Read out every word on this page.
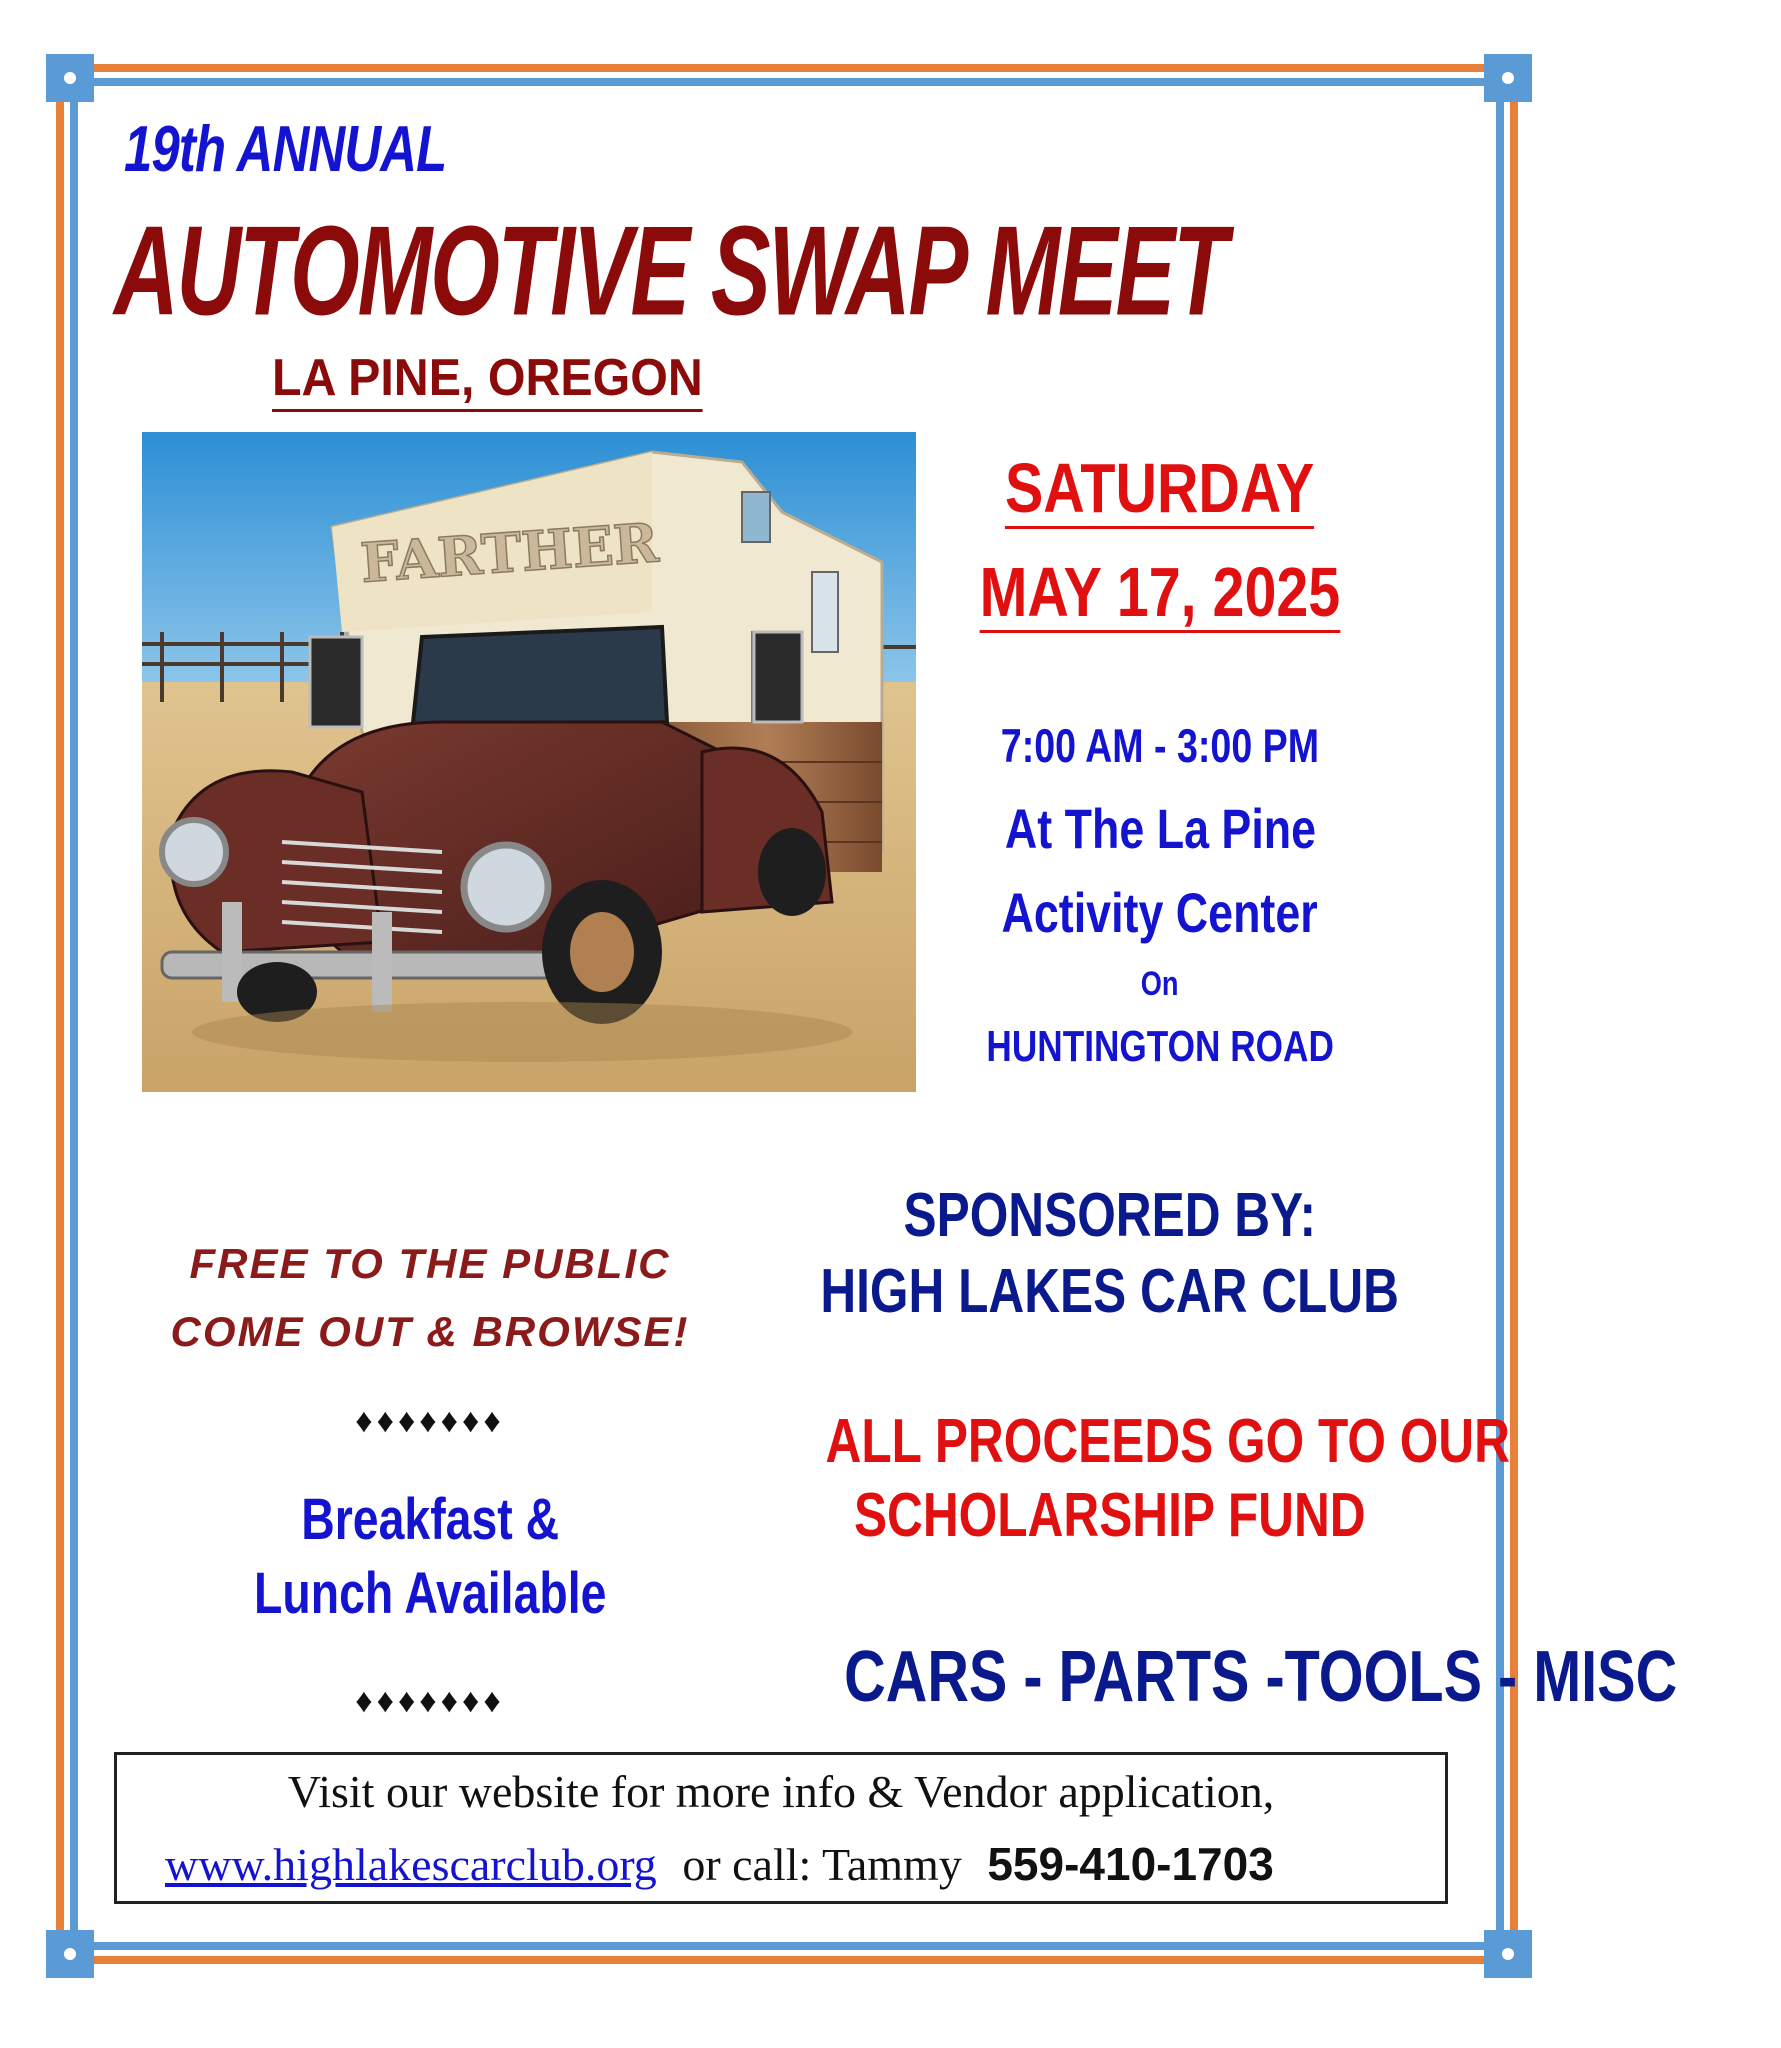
19th ANNUAL
AUTOMOTIVE SWAP MEET
LA PINE, OREGON
FARTHER
SATURDAY
MAY 17, 2025
7:00 AM - 3:00 PM
At The La Pine
Activity Center
On
HUNTINGTON ROAD
FREE TO THE PUBLIC
COME OUT & BROWSE!
♦♦♦♦♦♦♦
Breakfast &
Lunch Available
♦♦♦♦♦♦♦
SPONSORED BY:
HIGH LAKES CAR CLUB
ALL PROCEEDS GO TO OUR
SCHOLARSHIP FUND
CARS - PARTS -TOOLS - MISC
Visit our website for more info & Vendor application,
www.highlakescarclub.org or call: Tammy 559-410-1703
